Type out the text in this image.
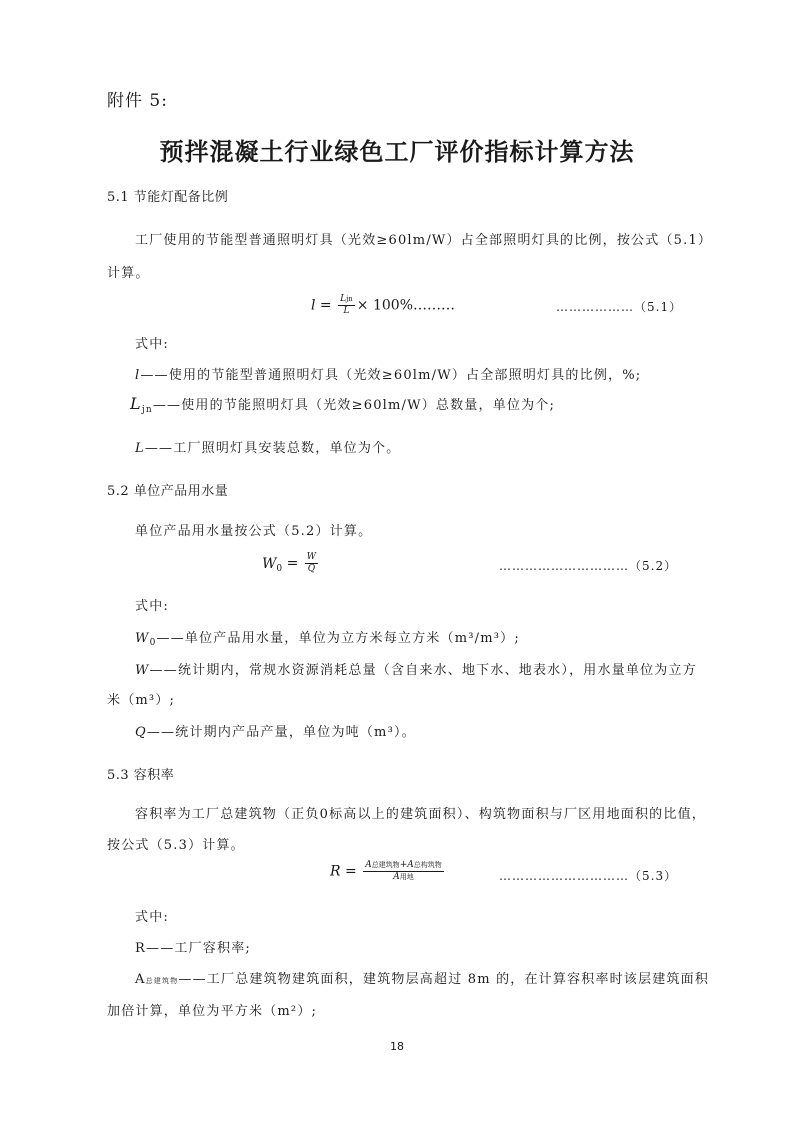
附件 5:
预拌混凝土行业绿色工厂评价指标计算方法
5.1 节能灯配备比例
工厂使用的节能型普通照明灯具（光效≥60lm/W）占全部照明灯具的比例，按公式（5.1）
计算。
$l = \frac{\text{Ljn}}{L}$ × 100%………	………………（5.1）
式中:
l——使用的节能型普通照明灯具（光效≥60lm/W）占全部照明灯具的比例，%;
$L_{jn}——$使用的节能照明灯具（光效≥60lm/W）总数量，单位为个;
L——工厂照明灯具安装总数，单位为个。
5.2 单位产品用水量
单位产品用水量按公式（5.2）计算。
$W_0 = \frac{W}{Q}$	…………………………（5.2）
式中:
$W_0——$单位产品用水量，单位为立方米每立方米（m³/m³）;
W——统计期内，常规水资源消耗总量（含自来水、地下水、地表水），用水量单位为立方
米（m³）;
Q——统计期内产品产量，单位为吨（m³）。
5.3 容积率
容积率为工厂总建筑物（正负0标高以上的建筑面积）、构筑物面积与厂区用地面积的比值，
按公式（5.3）计算。
$R = \frac{\text{A总建筑物+A总构筑物}}{\text{A用地}}$	…………………………（5.3）
式中:
R——工厂容积率;
A总建筑物——工厂总建筑物建筑面积，建筑物层高超过 8m 的，在计算容积率时该层建筑面积
加倍计算，单位为平方米（m²）;
18
